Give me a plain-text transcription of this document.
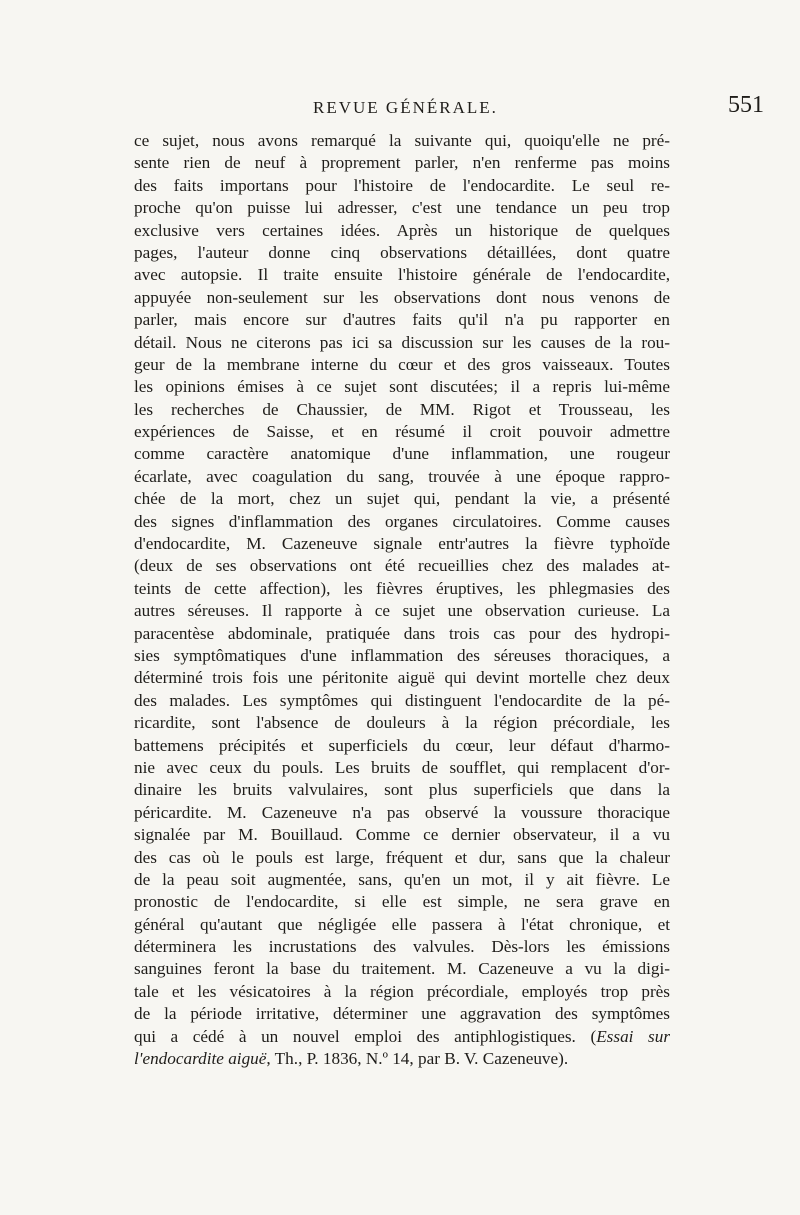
REVUE GÉNÉRALE.	551
ce sujet, nous avons remarqué la suivante qui, quoiqu'elle ne pré-
sente rien de neuf à proprement parler, n'en renferme pas moins
des faits importans pour l'histoire de l'endocardite. Le seul re-
proche qu'on puisse lui adresser, c'est une tendance un peu trop
exclusive vers certaines idées. Après un historique de quelques
pages, l'auteur donne cinq observations détaillées, dont quatre
avec autopsie. Il traite ensuite l'histoire générale de l'endocardite,
appuyée non-seulement sur les observations dont nous venons de
parler, mais encore sur d'autres faits qu'il n'a pu rapporter en
détail. Nous ne citerons pas ici sa discussion sur les causes de la rou-
geur de la membrane interne du cœur et des gros vaisseaux. Toutes
les opinions émises à ce sujet sont discutées; il a repris lui-même
les recherches de Chaussier, de MM. Rigot et Trousseau, les
expériences de Saisse, et en résumé il croit pouvoir admettre
comme caractère anatomique d'une inflammation, une rougeur
écarlate, avec coagulation du sang, trouvée à une époque rappro-
chée de la mort, chez un sujet qui, pendant la vie, a présenté
des signes d'inflammation des organes circulatoires. Comme causes
d'endocardite, M. Cazeneuve signale entr'autres la fièvre typhoïde
(deux de ses observations ont été recueillies chez des malades at-
teints de cette affection), les fièvres éruptives, les phlegmasies des
autres séreuses. Il rapporte à ce sujet une observation curieuse. La
paracentèse abdominale, pratiquée dans trois cas pour des hydropi-
sies symptômatiques d'une inflammation des séreuses thoraciques, a
déterminé trois fois une péritonite aiguë qui devint mortelle chez deux
des malades. Les symptômes qui distinguent l'endocardite de la pé-
ricardite, sont l'absence de douleurs à la région précordiale, les
battemens précipités et superficiels du cœur, leur défaut d'harmo-
nie avec ceux du pouls. Les bruits de soufflet, qui remplacent d'or-
dinaire les bruits valvulaires, sont plus superficiels que dans la
péricardite. M. Cazeneuve n'a pas observé la voussure thoracique
signalée par M. Bouillaud. Comme ce dernier observateur, il a vu
des cas où le pouls est large, fréquent et dur, sans que la chaleur
de la peau soit augmentée, sans, qu'en un mot, il y ait fièvre. Le
pronostic de l'endocardite, si elle est simple, ne sera grave en
général qu'autant que négligée elle passera à l'état chronique, et
déterminera les incrustations des valvules. Dès-lors les émissions
sanguines feront la base du traitement. M. Cazeneuve a vu la digi-
tale et les vésicatoires à la région précordiale, employés trop près
de la période irritative, déterminer une aggravation des symptômes
qui a cédé à un nouvel emploi des antiphlogistiques. (Essai sur
l'endocardite aiguë, Th., P. 1836, N.º 14, par B. V. Cazeneuve).
